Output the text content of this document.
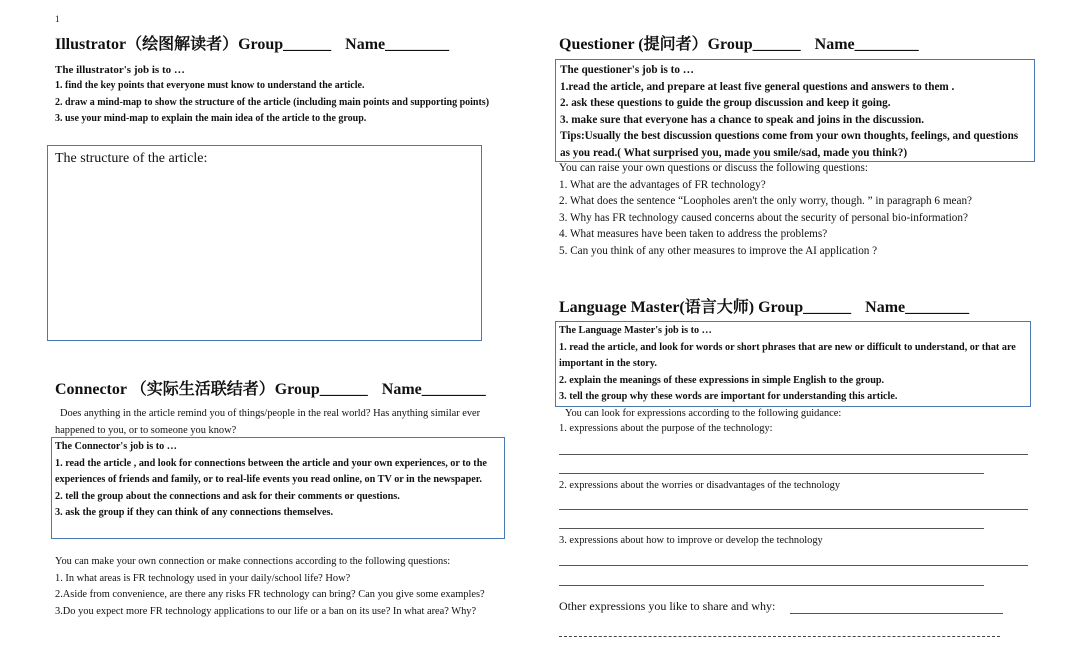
1
Illustrator（绘图解读者）Group______ Name________
The illustrator's job is to …

1. find the key points that everyone must know to understand the article.

2. draw a mind-map to show the structure of the article (including main points and supporting points)

3. use your mind-map to explain the main idea of the article to the group.

The structure of the article:
Connector （实际生活联结者）Group______ Name________
Does anything in the article remind you of things/people in the real world? Has anything similar ever happened to you, or to someone you know?

The Connector's job is to …

1. read the article , and look for connections between the article and your own experiences, or to the experiences of friends and family, or to real-life events you read online, on TV or in the newspaper.

2. tell the group about the connections and ask for their comments or questions.

3. ask the group if they can think of any connections themselves.

You can make your own connection or make connections according to the following questions:

1. In what areas is FR technology used in your daily/school life? How?

2.Aside from convenience, are there any risks FR technology can bring? Can you give some examples?

3.Do you expect more FR technology applications to our life or a ban on its use? In what area? Why?

Questioner (提问者）Group______ Name________

The questioner's job is to …

1.read the article, and prepare at least five general questions and answers to them .

2. ask these questions to guide the group discussion and keep it going.

3. make sure that everyone has a chance to speak and joins in the discussion.

Tips:Usually the best discussion questions come from your own thoughts, feelings, and questions as you read.( What surprised you, made you smile/sad, made you think?)

You can raise your own questions or discuss the following questions:

1. What are the advantages of FR technology?

2. What does the sentence “Loopholes aren't the only worry, though. ” in paragraph 6 mean?

3. Why has FR technology caused concerns about the security of personal bio-information?

4. What measures have been taken to address the problems?

5. Can you think of any other measures to improve the AI application ?

Language Master(语言大师) Group______ Name________

The Language Master's job is to …

1. read the article, and look for words or short phrases that are new or difficult to understand, or that are important in the story.

2. explain the meanings of these expressions in simple English to the group.

3. tell the group why these words are important for understanding this article.

You can look for expressions according to the following guidance:
1. expressions about the purpose of the technology:
2. expressions about the worries or disadvantages of the technology
3. expressions about how to improve or develop the technology
Other expressions you like to share and why:
